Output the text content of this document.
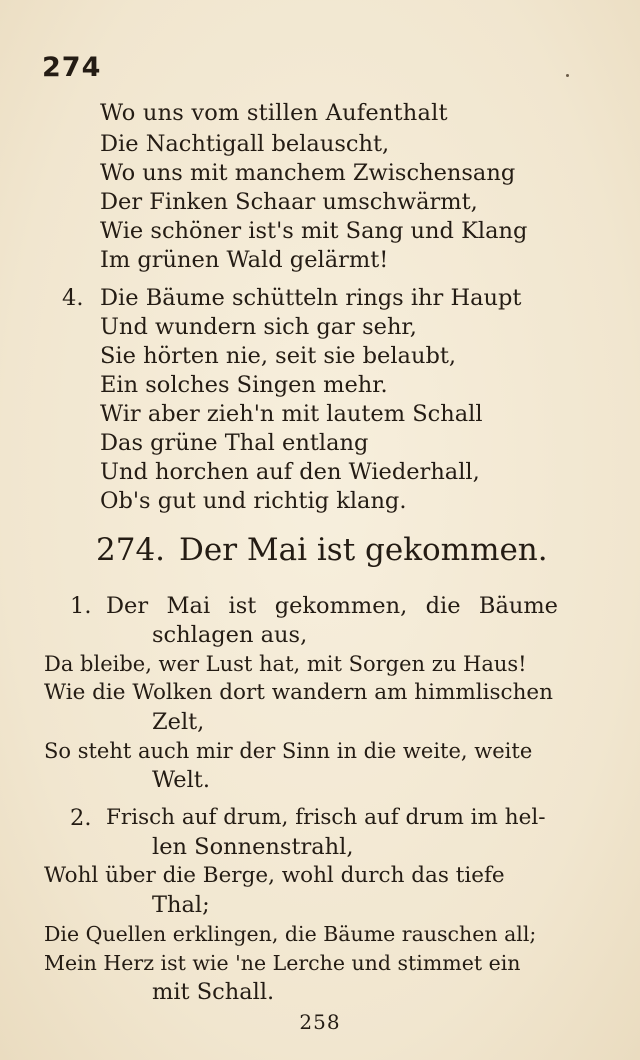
274
Wo uns vom stillen Aufenthalt
Die Nachtigall belauscht,
Wo uns mit manchem Zwischensang
Der Finken Schaar umschwärmt,
Wie schöner ist's mit Sang und Klang
Im grünen Wald gelärmt!
4. Die Bäume schütteln rings ihr Haupt
Und wundern sich gar sehr,
Sie hörten nie, seit sie belaubt,
Ein solches Singen mehr.
Wir aber zieh'n mit lautem Schall
Das grüne Thal entlang
Und horchen auf den Wiederhall,
Ob's gut und richtig klang.
274. Der Mai ist gekommen.
1. Der Mai ist gekommen, die Bäume
schlagen aus,
Da bleibe, wer Lust hat, mit Sorgen zu Haus!
Wie die Wolken dort wandern am himmlischen
Zelt,
So steht auch mir der Sinn in die weite, weite
Welt.
2. Frisch auf drum, frisch auf drum im hel-
len Sonnenstrahl,
Wohl über die Berge, wohl durch das tiefe
Thal;
Die Quellen erklingen, die Bäume rauschen all;
Mein Herz ist wie 'ne Lerche und stimmet ein
mit Schall.
258
